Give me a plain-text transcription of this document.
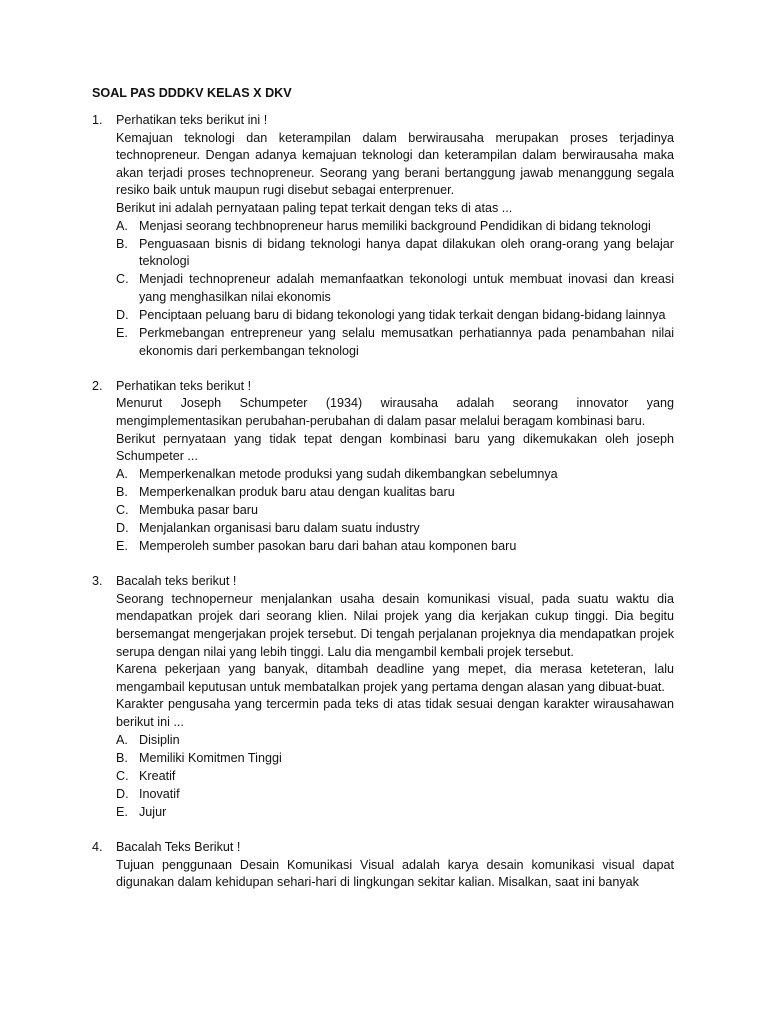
SOAL PAS DDDKV KELAS X DKV
1.	Perhatikan teks berikut ini !

Kemajuan teknologi dan keterampilan dalam berwirausaha merupakan proses terjadinya technopreneur. Dengan adanya kemajuan teknologi dan keterampilan dalam berwirausaha maka akan terjadi proses technopreneur. Seorang yang berani bertanggung jawab menanggung segala resiko baik untuk maupun rugi disebut sebagai enterprenuer.

Berikut ini adalah pernyataan paling tepat terkait dengan teks di atas ...

A. Menjasi seorang techbnopreneur harus memiliki background Pendidikan di bidang teknologi
B. Penguasaan bisnis di bidang teknologi hanya dapat dilakukan oleh orang-orang yang belajar teknologi
C. Menjadi technopreneur adalah memanfaatkan tekonologi untuk membuat inovasi dan kreasi yang menghasilkan nilai ekonomis
D. Penciptaan peluang baru di bidang tekonologi yang tidak terkait dengan bidang-bidang lainnya
E. Perkmebangan entrepreneur yang selalu memusatkan perhatiannya pada penambahan nilai ekonomis dari perkembangan teknologi
2.	Perhatikan teks berikut !

Menurut Joseph Schumpeter (1934) wirausaha adalah seorang innovator yang mengimplementasikan perubahan-perubahan di dalam pasar melalui beragam kombinasi baru.

Berikut pernyataan yang tidak tepat dengan kombinasi baru yang dikemukakan oleh joseph Schumpeter ...

A. Memperkenalkan metode produksi yang sudah dikembangkan sebelumnya
B. Memperkenalkan produk baru atau dengan kualitas baru
C. Membuka pasar baru
D. Menjalankan organisasi baru dalam suatu industry
E. Memperoleh sumber pasokan baru dari bahan atau komponen baru
3.	Bacalah teks berikut !

Seorang technoperneur menjalankan usaha desain komunikasi visual, pada suatu waktu dia mendapatkan projek dari seorang klien. Nilai projek yang dia kerjakan cukup tinggi. Dia begitu bersemangat mengerjakan projek tersebut. Di tengah perjalanan projeknya dia mendapatkan projek serupa dengan nilai yang lebih tinggi. Lalu dia mengambil kembali projek tersebut.

Karena pekerjaan yang banyak, ditambah deadline yang mepet, dia merasa keteteran, lalu mengambail keputusan untuk membatalkan projek yang pertama dengan alasan yang dibuat-buat.

Karakter pengusaha yang tercermin pada teks di atas tidak sesuai dengan karakter wirausahawan berikut ini ...

A. Disiplin
B. Memiliki Komitmen Tinggi
C. Kreatif
D. Inovatif
E. Jujur
4.	Bacalah Teks Berikut !

Tujuan penggunaan Desain Komunikasi Visual adalah karya desain komunikasi visual dapat digunakan dalam kehidupan sehari-hari di lingkungan sekitar kalian. Misalkan, saat ini banyak
